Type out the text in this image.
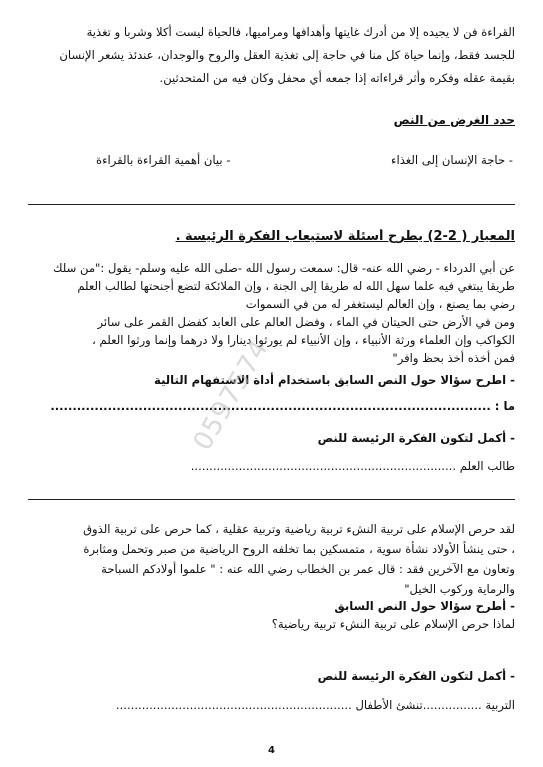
القراءة فن لا يجيده إلا من أدرك غايتها وأهدافها ومراميها، فالحياة ليست أكلا وشربا و تغذية
للجسد فقط، وإنما حياة كل منا في حاجة إلى تغذية العقل والروح والوجدان، عندئذ يشعر الإنسان
بقيمة عقله وفكره وأثر قراءاته إذا جمعه أي محفل وكان فيه من المتحدثين.
حدد الغرض من النص
- حاجة الإنسان إلى الغذاء
- بيان أهمية القراءة بالقراءة
المعيار ( 2-2) يطرح أسئلة لاستيعاب الفكرة الرئيسة .
عن أبي الدرداء - رضي الله عنه- قال: سمعت رسول الله -صلى الله عليه وسلم- يقول :"من سلك
طريقا يبتغي فيه علما سهل الله له طريقا إلى الجنة ، وإن الملائكة لتضع أجنحتها لطالب العلم
رضي بما يصنع ، وإن العالم ليستغفر له من في السموات
ومن في الأرض حتى الحيتان في الماء ، وفضل العالم على العابد كفضل القمر على سائر
الكواكب وإن العلماء ورثة الأنبياء ، وإن الأنبياء لم يورثوا دينارا ولا درهما وإنما ورثوا العلم ،
فمن أخذه أخذ بحظ وافر"
- اطرح سؤالا حول النص السابق باستخدام أداة الاستفهام التالية
ما : ....................................................................................................
- أكمل لتكون الفكرة الرئيسة للنص
طالب العلم ........................................................................
لقد حرص الإسلام على تربية النشء تربية رياضية وتربية عقلية ، كما حرص على تربية الذوق
، حتى ينشأ الأولاد نشأة سوية ، متمسكين بما تخلفه الروح الرياضية من صبر وتحمل ومثابرة
وتعاون مع الآخرين فقد : قال عمر بن الخطاب رضي الله عنه : " علموا أولادكم السباحة
والرماية وركوب الخيل"
- أطرح سؤالا حول النص السابق
لماذا حرص الإسلام على تربية النشء تربية رياضية؟
- أكمل لتكون الفكرة الرئيسة للنص
التربية ................تنشئ الأطفال ................................................................
0597574
4
